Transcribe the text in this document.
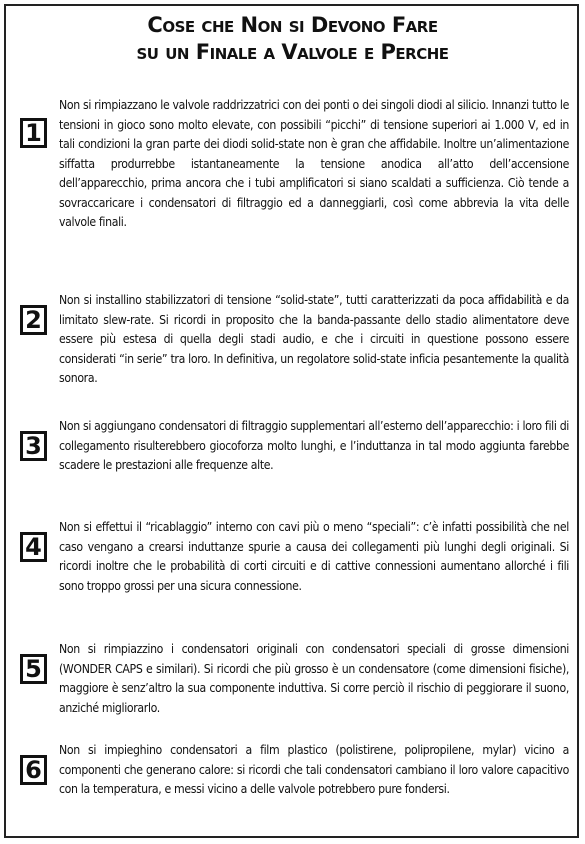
Cose che Non si Devono Fare
su un Finale a Valvole e Perche
1
Non si rimpiazzano le valvole raddrizzatrici con dei ponti o dei singoli diodi al silicio. Innanzi tutto le tensioni in gioco sono molto elevate, con possibili “picchi” di tensione superiori ai 1.000 V, ed in tali condizioni la gran parte dei diodi solid-state non è gran che affidabile. Inoltre un’alimentazione siffatta produrrebbe istantaneamente la tensione anodica all’atto dell’accensione dell’apparecchio, prima ancora che i tubi amplificatori si siano scaldati a sufficienza. Ciò tende a sovraccaricare i condensatori di filtraggio ed a danneggiarli, così come abbrevia la vita delle valvole finali.
2
Non si installino stabilizzatori di tensione “solid-state”, tutti caratterizzati da poca affidabilità e da limitato slew-rate. Si ricordi in proposito che la banda-passante dello stadio alimentatore deve essere più estesa di quella degli stadi audio, e che i circuiti in questione possono essere considerati “in serie” tra loro. In definitiva, un regolatore solid-state inficia pesantemente la qualità sonora.
3
Non si aggiungano condensatori di filtraggio supplementari all’esterno dell’apparecchio: i loro fili di collegamento risulterebbero giocoforza molto lunghi, e l’induttanza in tal modo aggiunta farebbe scadere le prestazioni alle frequenze alte.
4
Non si effettui il “ricablaggio” interno con cavi più o meno “speciali”: c’è infatti possibilità che nel caso vengano a crearsi induttanze spurie a causa dei collegamenti più lunghi degli originali. Si ricordi inoltre che le probabilità di corti circuiti e di cattive connessioni aumentano allorché i fili sono troppo grossi per una sicura connessione.
5
Non si rimpiazzino i condensatori originali con condensatori speciali di grosse dimensioni (WONDER CAPS e similari). Si ricordi che più grosso è un condensatore (come dimensioni fisiche), maggiore è senz’altro la sua componente induttiva. Si corre perciò il rischio di peggiorare il suono, anziché migliorarlo.
6
Non si impieghino condensatori a film plastico (polistirene, polipropilene, mylar) vicino a componenti che generano calore: si ricordi che tali condensatori cambiano il loro valore capacitivo con la temperatura, e messi vicino a delle valvole potrebbero pure fondersi.
